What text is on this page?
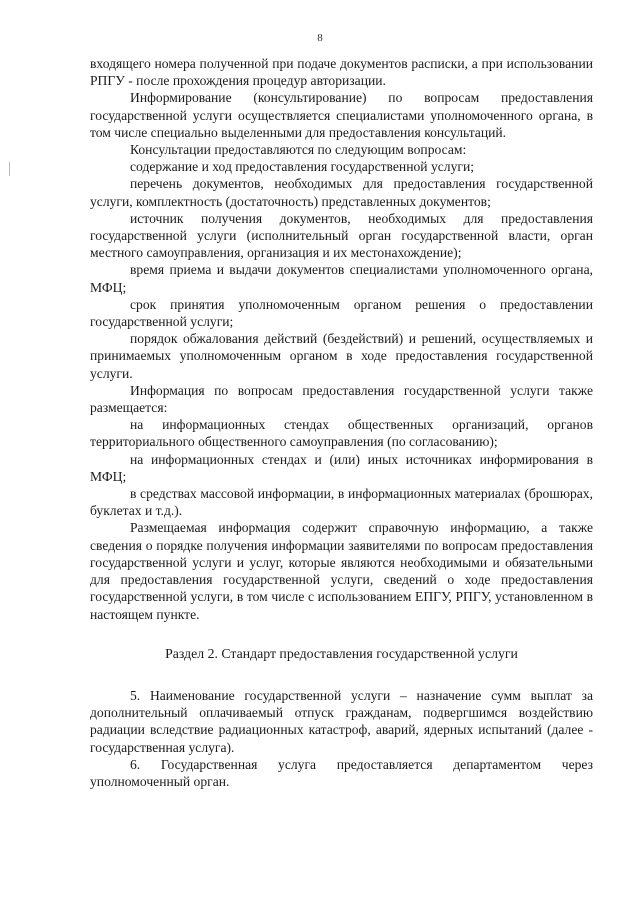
8

входящего номера полученной при подаче документов расписки, а при использовании РПГУ - после прохождения процедур авторизации.

Информирование (консультирование) по вопросам предоставления государственной услуги осуществляется специалистами уполномоченного органа, в том числе специально выделенными для предоставления консультаций.

Консультации предоставляются по следующим вопросам:

содержание и ход предоставления государственной услуги;

перечень документов, необходимых для предоставления государственной услуги, комплектность (достаточность) представленных документов;

источник получения документов, необходимых для предоставления государственной услуги (исполнительный орган государственной власти, орган местного самоуправления, организация и их местонахождение);

время приема и выдачи документов специалистами уполномоченного органа, МФЦ;

срок принятия уполномоченным органом решения о предоставлении государственной услуги;

порядок обжалования действий (бездействий) и решений, осуществляемых и принимаемых уполномоченным органом в ходе предоставления государственной услуги.

Информация по вопросам предоставления государственной услуги также размещается:

на информационных стендах общественных организаций, органов территориального общественного самоуправления (по согласованию);

на информационных стендах и (или) иных источниках информирования в МФЦ;

в средствах массовой информации, в информационных материалах (брошюрах, буклетах и т.д.).

Размещаемая информация содержит справочную информацию, а также сведения о порядке получения информации заявителями по вопросам предоставления государственной услуги и услуг, которые являются необходимыми и обязательными для предоставления государственной услуги, сведений о ходе предоставления государственной услуги, в том числе с использованием ЕПГУ, РПГУ, установленном в настоящем пункте.

Раздел 2. Стандарт предоставления государственной услуги

5. Наименование государственной услуги – назначение сумм выплат за дополнительный оплачиваемый отпуск гражданам, подвергшимся воздействию радиации вследствие радиационных катастроф, аварий, ядерных испытаний (далее - государственная услуга).

6. Государственная услуга предоставляется департаментом через уполномоченный орган.
